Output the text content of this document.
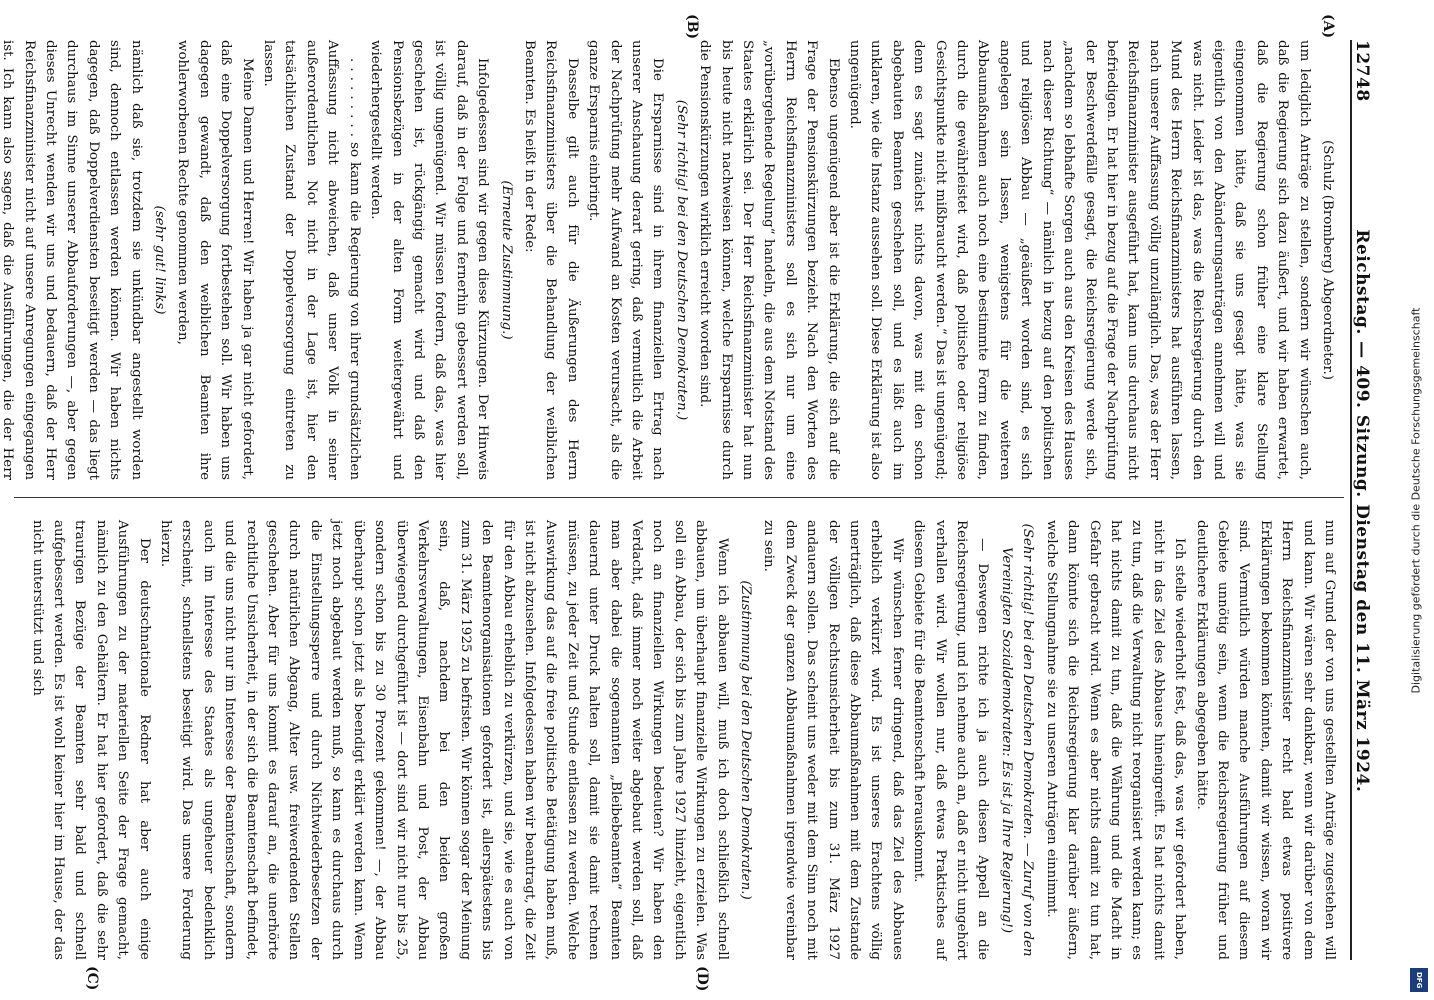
12748
Reichstag. — 409. Sitzung. Dienstag den 11. März 1924.
(A)
(B)
(C)	(D)

(Schulz (Bromberg) Abgeordneter.)

um lediglich Anträge zu stellen, sondern wir wünschen auch, daß die Regierung sich dazu äußert, und wir haben erwartet, daß die Regierung schon früher eine klare Stellung eingenommen hätte, daß sie uns gesagt hätte, was sie eigentlich von den Abänderungsanträgen annehmen will und was nicht. Leider ist das, was die Reichsregierung durch den Mund des Herrn Reichsfinanzministers hat ausführen lassen, nach unserer Auffassung völlig unzulänglich. Das, was der Herr Reichsfinanzminister ausgeführt hat, kann uns durchaus nicht befriedigen. Er hat hier in bezug auf die Frage der Nachprüfung der Beschwerdefälle gesagt, die Reichsregierung werde sich, „nachdem so lebhafte Sorgen auch aus den Kreisen des Hauses nach dieser Richtung“ — nämlich in bezug auf den politischen und religiösen Abbau — „geäußert worden sind, es sich angelegen sein lassen, wenigstens für die weiteren Abbaumaßnahmen auch noch eine bestimmte Form zu finden, durch die gewährleistet wird, daß politische oder religiöse Gesichtspunkte nicht mißbraucht werden.“ Das ist ungenügend; denn es sagt zunächst nichts davon, was mit den schon abgebauten Beamten geschehen soll, und es läßt auch im unklaren, wie die Instanz aussehen soll. Diese Erklärung ist also ungenügend.

Ebenso ungenügend aber ist die Erklärung, die sich auf die Frage der Pensionskürzungen bezieht. Nach den Worten des Herrn Reichsfinanzministers soll es sich nur um eine „vorübergehende Regelung“ handeln, die aus dem Notstand des Staates erklärlich sei. Der Herr Reichsfinanzminister hat nun bis heute nicht nachweisen können, welche Ersparnisse durch die Pensionskürzungen wirklich erreicht worden sind.

(Sehr richtig! bei den Deutschen Demokraten.)

Die Ersparnisse sind in ihrem finanziellen Ertrag nach unserer Anschauung derart gering, daß vermutlich die Arbeit der Nachprüfung mehr Aufwand an Kosten verursacht, als die ganze Ersparnis einbringt.

Dasselbe gilt auch für die Äußerungen des Herrn Reichsfinanzministers über die Behandlung der weiblichen Beamten. Es heißt in der Rede:

(Erneute Zustimmung.)

Infolgedessen sind wir gegen diese Kürzungen. Der Hinweis darauf, daß in der Folge und fernerhin gebessert werden soll, ist völlig ungenügend. Wir müssen fordern, daß das, was hier geschehen ist, rückgängig gemacht wird und daß den Pensionsbezügen in der alten Form weitergewährt und wiederhergestellt werden.

. . . . . . . . . so kann die Regierung von ihrer grundsätzlichen Auffassung nicht abweichen, daß unser Volk in seiner außerordentlichen Not nicht in der Lage ist, hier den tatsächlichen Zustand der Doppelversorgung eintreten zu lassen.

Meine Damen und Herren! Wir haben ja gar nicht gefordert, daß eine Doppelversorgung fortbestehen soll. Wir haben uns dagegen gewandt, daß den weiblichen Beamten ihre wohlerworbenen Rechte genommen werden,

(sehr gut! links)

nämlich daß sie, trotzdem sie unkündbar angestellt worden sind, dennoch entlassen werden können. Wir haben nichts dagegen, daß Doppelverdiensten beseitigt werden — das liegt durchaus im Sinne unserer Abbauforderungen —, aber gegen dieses Unrecht wenden wir uns und bedauern, daß der Herr Reichsfinanzminister nicht auf unsere Anregungen eingegangen ist. Ich kann also sagen, daß die Ausführungen, die der Herr

nun auf Grund der von uns gestellten Anträge zugestehen will und kann. Wir wären sehr dankbar, wenn wir darüber von dem Herrn Reichsfinanzminister recht bald etwas positivere Erklärungen bekommen könnten, damit wir wissen, woran wir sind. Vermutlich würden manche Ausführungen auf diesem Gebiete unnötig sein, wenn die Reichsregierung früher und deutlichere Erklärungen abgegeben hätte.

Ich stelle wiederholt fest, daß das, was wir gefordert haben, nicht in das Ziel des Abbaues hineingreift. Es hat nichts damit zu tun, daß die Verwaltung nicht reorganisiert werden kann; es hat nichts damit zu tun, daß die Währung und die Macht in Gefahr gebracht wird. Wenn es aber nichts damit zu tun hat, dann könnte sich die Reichsregierung klar darüber äußern, welche Stellungnahme sie zu unseren Anträgen einnimmt.

(Sehr richtig! bei den Deutschen Demokraten. — Zuruf von den Vereinigten Sozialdemokraten: Es ist ja Ihre Regierung!)

— Deswegen richte ich ja auch diesen Appell an die Reichsregierung, und ich nehme auch an, daß er nicht ungehört verhallen wird. Wir wollen nur, daß etwas Praktisches auf diesem Gebiete für die Beamtenschaft herauskommt.

Wir wünschen ferner dringend, daß das Ziel des Abbaues erheblich verkürzt wird. Es ist unseres Erachtens völlig unerträglich, daß diese Abbaumaßnahmen mit dem Zustande der völligen Rechtsunsicherheit bis zum 31. März 1927 andauern sollen. Das scheint uns weder mit dem Sinn noch mit dem Zweck der ganzen Abbaumaßnahmen irgendwie vereinbar zu sein.

(Zustimmung bei den Deutschen Demokraten.)

Wenn ich abbauen will, muß ich doch schließlich schnell abbauen, um überhaupt finanzielle Wirkungen zu erzielen. Was soll ein Abbau, der sich bis zum Jahre 1927 hinzieht, eigentlich noch an finanziellen Wirkungen bedeuten? Wir haben den Verdacht, daß immer noch weiter abgebaut werden soll, daß man aber dabei die sogenannten „Bleibebeamten“ Beamten dauernd unter Druck halten soll, damit sie damit rechnen müssen, zu jeder Zeit und Stunde entlassen zu werden. Welche Auswirkung das auf die freie politische Betätigung haben muß, ist nicht abzusehen. Infolgedessen haben wir beantragt, die Zeit für den Abbau erheblich zu verkürzen, und sie, wie es auch von den Beamtenorganisationen gefordert ist, allerspätestens bis zum 31. März 1925 zu befristen. Wir können sogar der Meinung sein, daß, nachdem bei den beiden großen Verkehrsverwaltungen, Eisenbahn und Post, der Abbau überwiegend durchgeführt ist — dort sind wir nicht nur bis 25, sondern schon bis zu 30 Prozent gekommen! —, der Abbau überhaupt schon jetzt als beendigt erklärt werden kann. Wenn jetzt noch abgebaut werden muß, so kann es durchaus durch die Einstellungssperre und durch Nichtwiederbesetzen der durch natürlichen Abgang, Alter usw. freiwerdenden Stellen geschehen. Aber für uns kommt es darauf an, die unerhörte rechtliche Unsicherheit, in der sich die Beamtenschaft befindet, und die uns nicht nur im Interesse der Beamtenschaft, sondern auch im Interesse des Staates als ungeheuer bedenklich erscheint, schnellstens beseitigt wird. Das unsere Forderung hierzu.

Der deutschnationale Redner hat aber auch einige Ausführungen zu der materiellen Seite der Frage gemacht, nämlich zu den Gehältern. Er hat hier gefordert, daß die sehr traurigen Bezüge der Beamten sehr bald und schnell aufgebessert werden. Es ist wohl keiner hier im Hause, der das nicht unterstützt und sich	Digitalisierung gefördert durch die Deutsche Forschungsgemeinschaft
DFG
